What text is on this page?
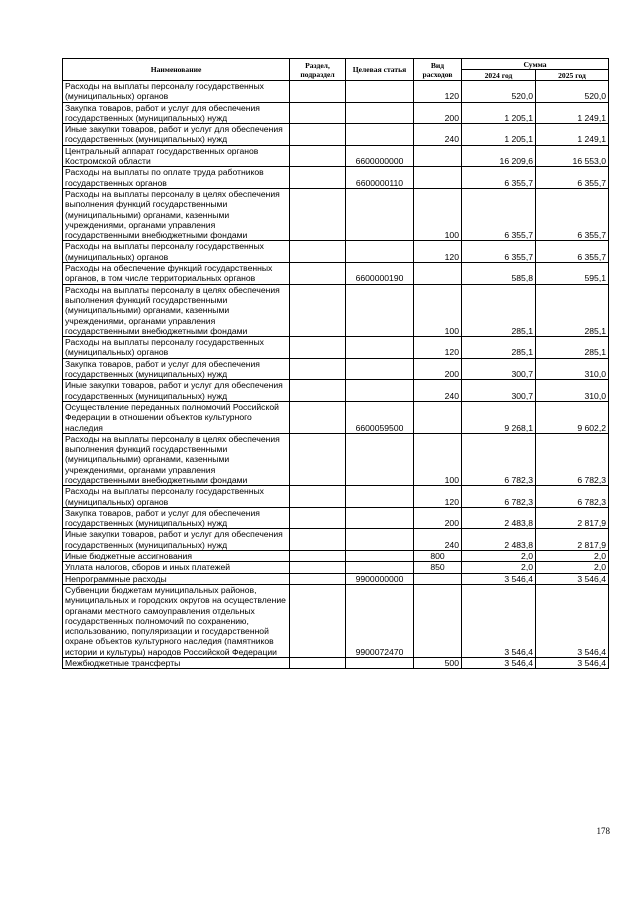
Наименование	Раздел, подраздел	Целевая статья	Вид расходов	Сумма	
				2024 год	2025 год
Расходы на выплаты персоналу государственных (муниципальных) органов			120	520,0	520,0
Закупка товаров, работ и услуг для обеспечения государственных (муниципальных) нужд			200	1 205,1	1 249,1
Иные закупки товаров, работ и услуг для обеспечения государственных (муниципальных) нужд			240	1 205,1	1 249,1
Центральный аппарат государственных органов Костромской области		6600000000		16 209,6	16 553,0
Расходы на выплаты по оплате труда работников государственных органов		6600000110		6 355,7	6 355,7
Расходы на выплаты персоналу в целях обеспечения выполнения функций государственными (муниципальными) органами, казенными учреждениями, органами управления государственными внебюджетными фондами			100	6 355,7	6 355,7
Расходы на выплаты персоналу государственных (муниципальных) органов			120	6 355,7	6 355,7
Расходы на обеспечение функций государственных органов, в том числе территориальных органов		6600000190		585,8	595,1
Расходы на выплаты персоналу в целях обеспечения выполнения функций государственными (муниципальными) органами, казенными учреждениями, органами управления государственными внебюджетными фондами			100	285,1	285,1
Расходы на выплаты персоналу государственных (муниципальных) органов			120	285,1	285,1
Закупка товаров, работ и услуг для обеспечения государственных (муниципальных) нужд			200	300,7	310,0
Иные закупки товаров, работ и услуг для обеспечения государственных (муниципальных) нужд			240	300,7	310,0
Осуществление переданных полномочий Российской Федерации в отношении объектов культурного наследия		6600059500		9 268,1	9 602,2
Расходы на выплаты персоналу в целях обеспечения выполнения функций государственными (муниципальными) органами, казенными учреждениями, органами управления государственными внебюджетными фондами			100	6 782,3	6 782,3
Расходы на выплаты персоналу государственных (муниципальных) органов			120	6 782,3	6 782,3
Закупка товаров, работ и услуг для обеспечения государственных (муниципальных) нужд			200	2 483,8	2 817,9
Иные закупки товаров, работ и услуг для обеспечения государственных (муниципальных) нужд			240	2 483,8	2 817,9
Иные бюджетные ассигнования			800	2,0	2,0
Уплата налогов, сборов и иных платежей			850	2,0	2,0
Непрограммные расходы		9900000000		3 546,4	3 546,4
Субвенции бюджетам муниципальных районов, муниципальных и городских округов на осуществление органами местного самоуправления отдельных государственных полномочий по сохранению, использованию, популяризации и государственной охране объектов культурного наследия (памятников истории и культуры) народов Российской Федерации		9900072470		3 546,4	3 546,4
Межбюджетные трансферты			500	3 546,4	3 546,4
178
